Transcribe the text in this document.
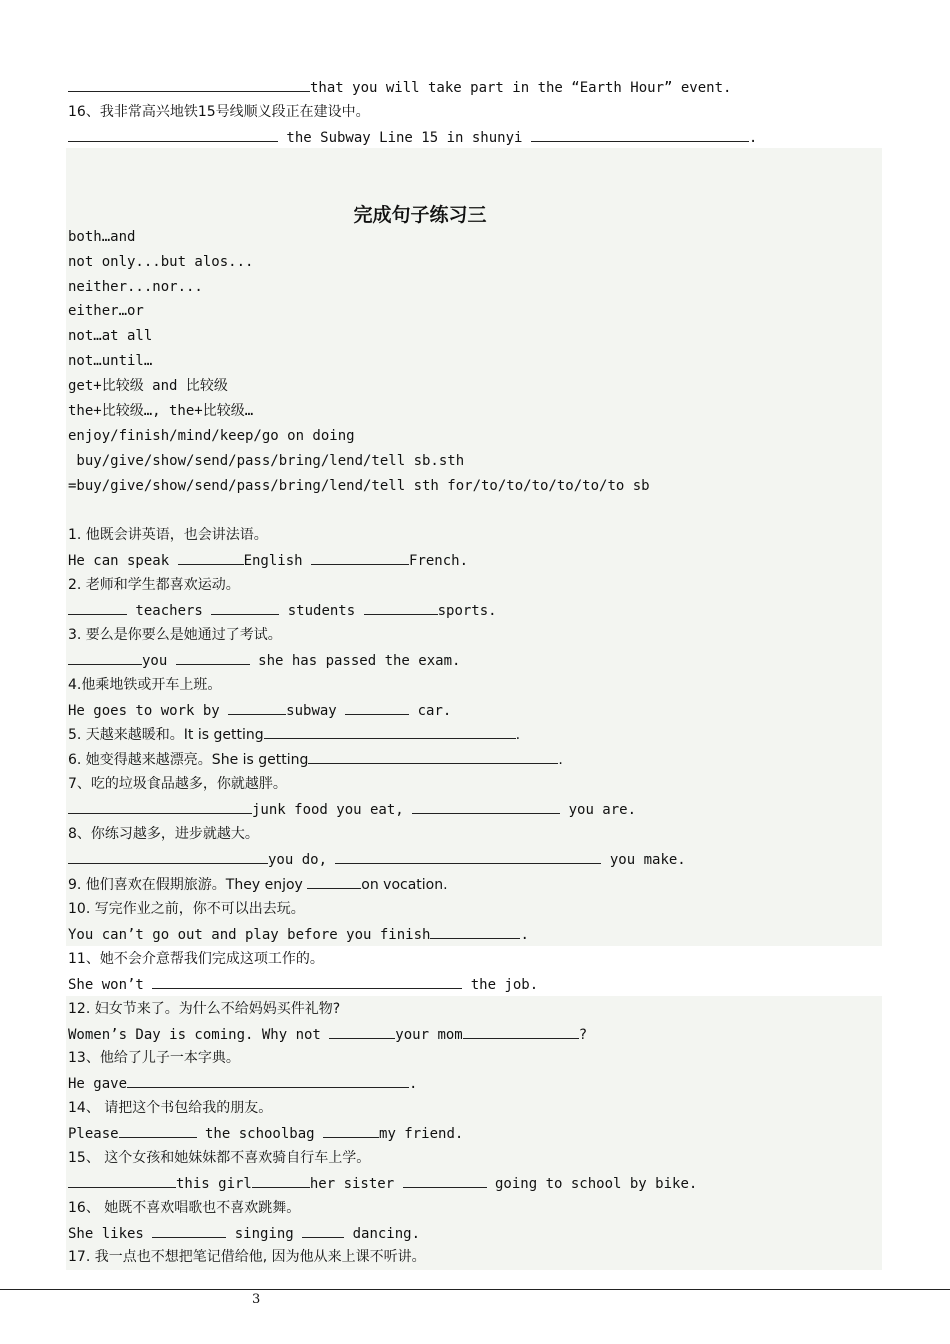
that you will take part in the “Earth Hour” event.
16、我非常高兴地铁15号线顺义段正在建设中。
the Subway Line 15 in shunyi	.
完成句子练习三
both…and
not only...but alos...
neither...nor...
either…or
not…at all
not…until…
get+比较级 and 比较级
the+比较级…, the+比较级…
enjoy/finish/mind/keep/go on doing
buy/give/show/send/pass/bring/lend/tell sb.sth
=buy/give/show/send/pass/bring/lend/tell sth for/to/to/to/to/to/to sb
1. 他既会讲英语，也会讲法语。
He can speak	English	French.
2. 老师和学生都喜欢运动。
teachers	students	sports.
3. 要么是你要么是她通过了考试。
you	she has passed the exam.
4.他乘地铁或开车上班。
He goes to work by	subway	car.
5. 天越来越暖和。It is getting	.
6. 她变得越来越漂亮。She is getting	.
7、吃的垃圾食品越多，你就越胖。
junk food you eat,	you are.
8、你练习越多，进步就越大。
you do,	you make.
9. 他们喜欢在假期旅游。They enjoy	on vocation.
10. 写完作业之前，你不可以出去玩。
You can’t go out and play before you finish	.
11、她不会介意帮我们完成这项工作的。
She won’t	the job.
12. 妇女节来了。为什么不给妈妈买件礼物?
Women’s Day is coming. Why not	your mom	?
13、他给了儿子一本字典。
He gave	.
14、 请把这个书包给我的朋友。
Please	the schoolbag	my friend.
15、 这个女孩和她妹妹都不喜欢骑自行车上学。
this girl	her sister	going to school by bike.
16、 她既不喜欢唱歌也不喜欢跳舞。
She likes	singing	dancing.
17. 我一点也不想把笔记借给他, 因为他从来上课不听讲。
3
